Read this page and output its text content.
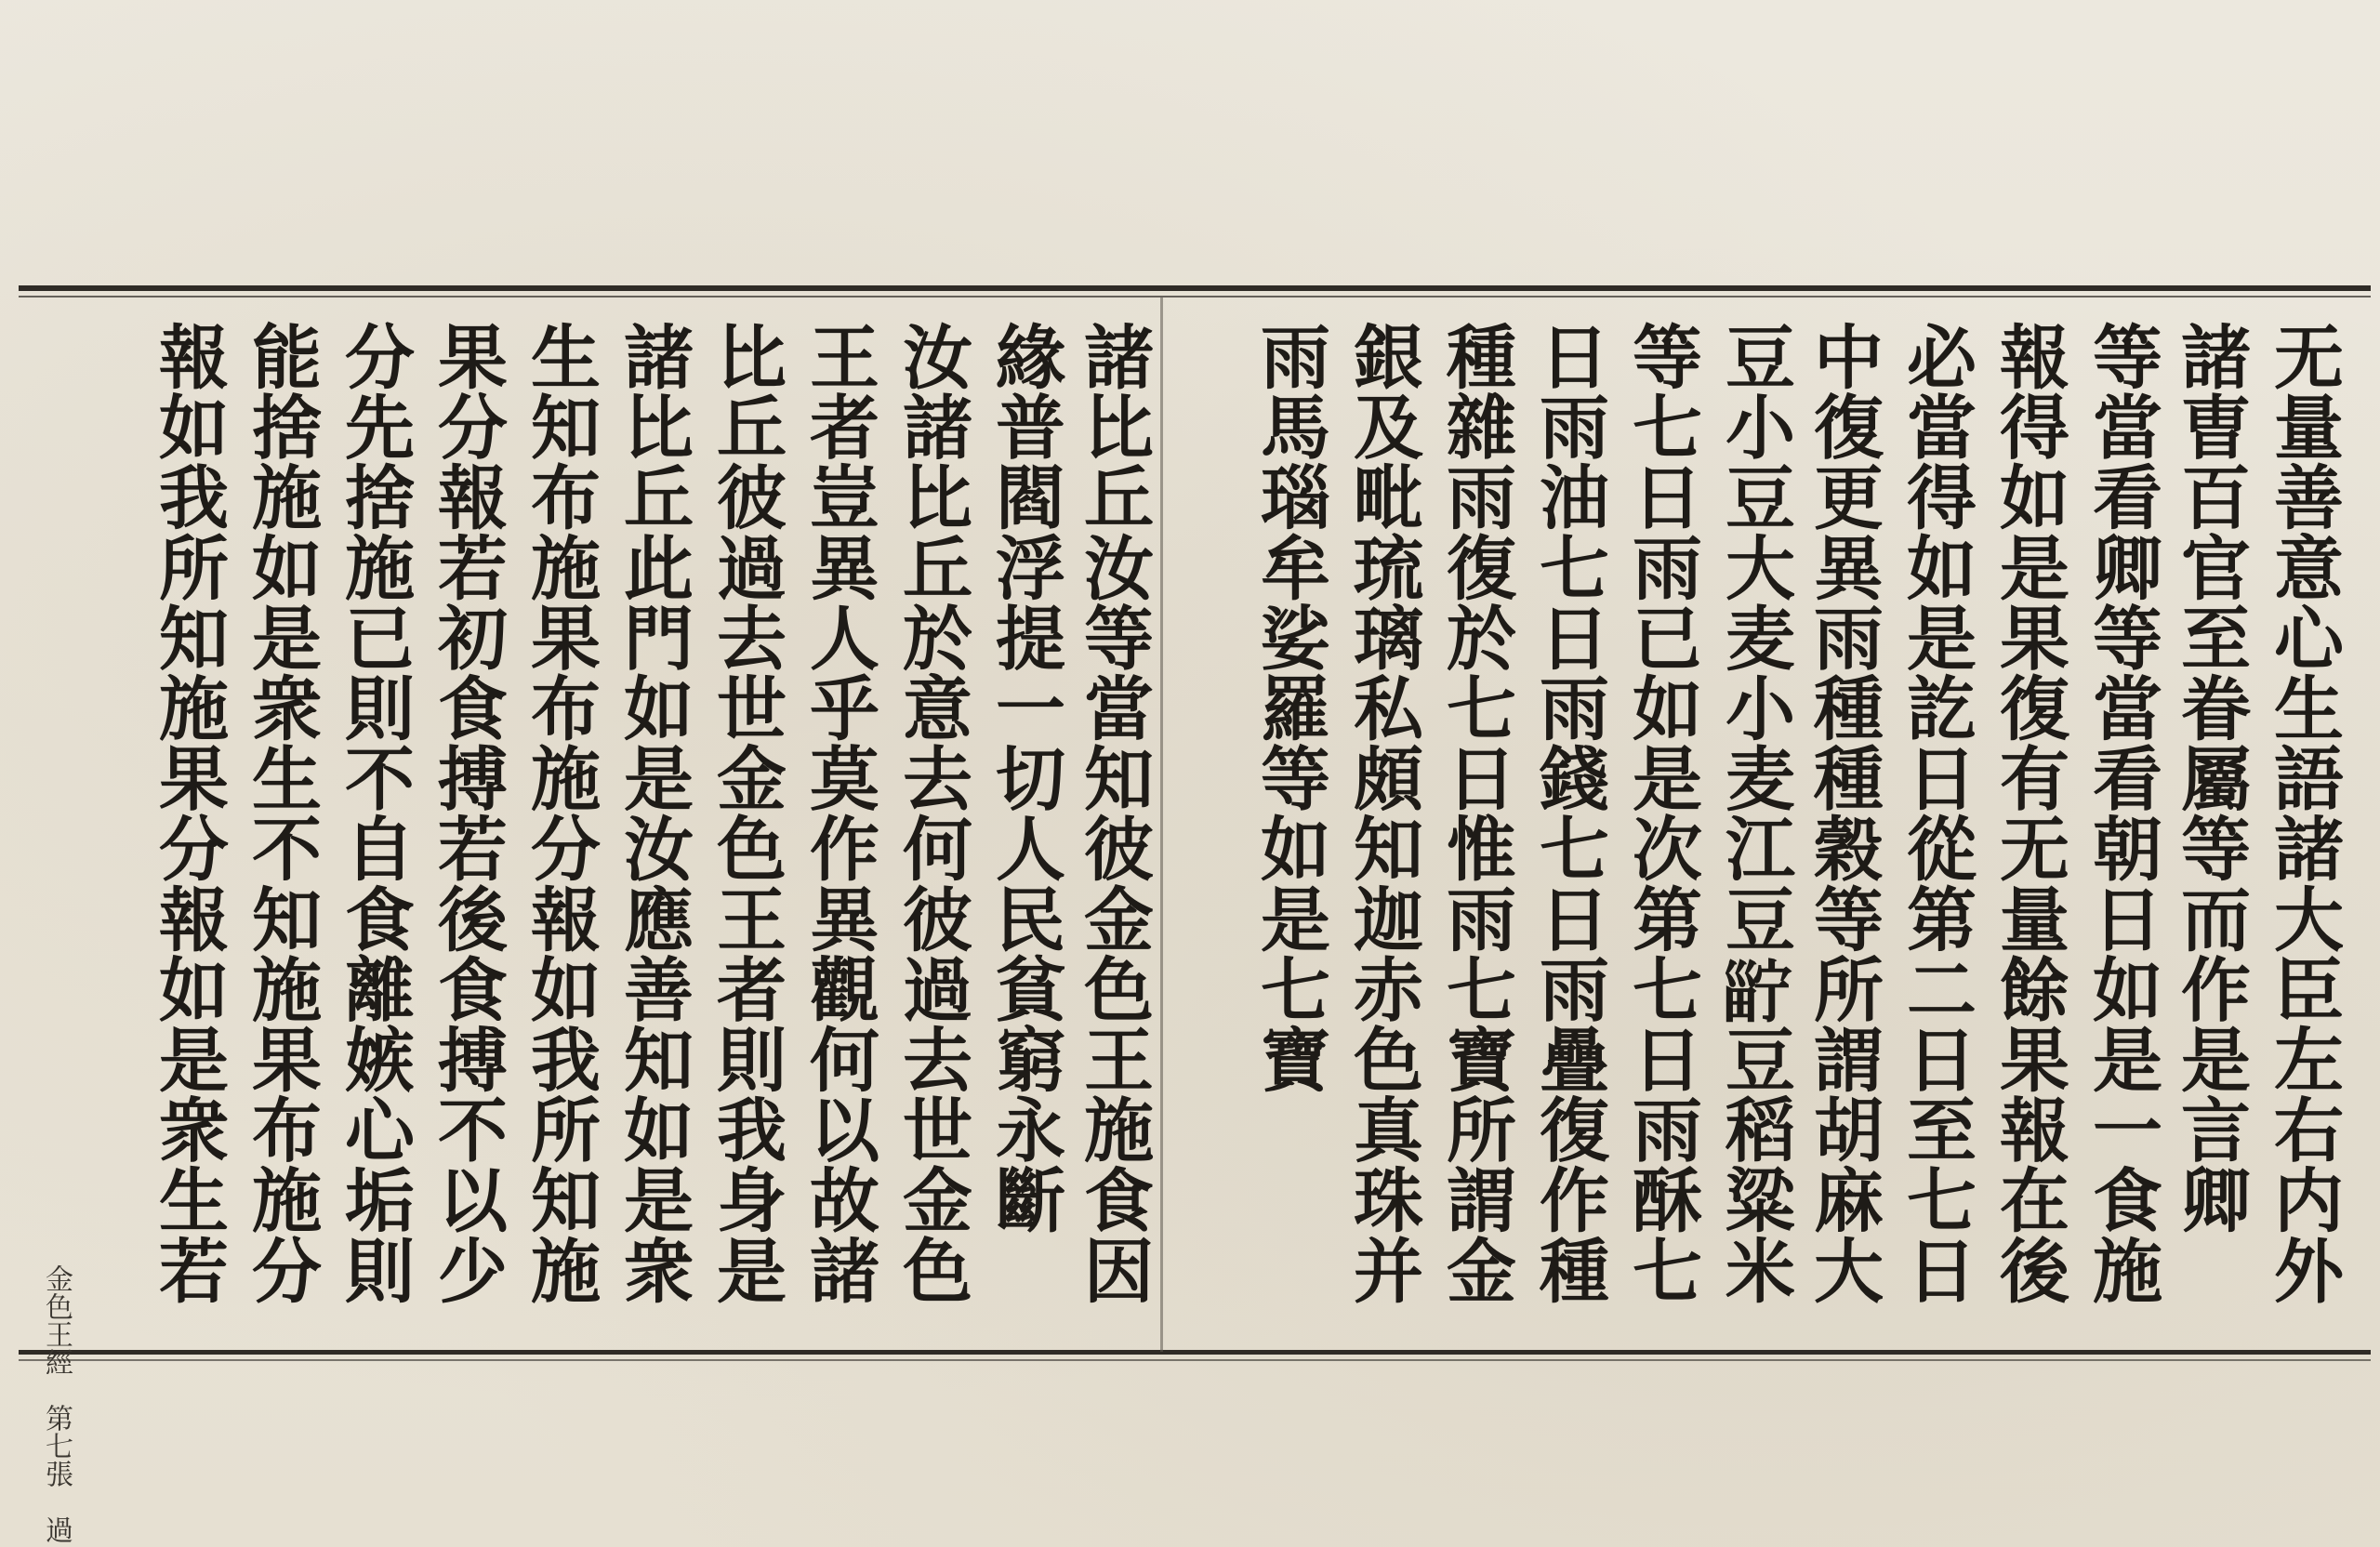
无量善意心生語諸大臣左右内外
諸曺百官至眷屬等而作是言卿
等當看卿等當看朝日如是一食施
報得如是果復有无量餘果報在後
必當得如是訖日從第二日至七日
中復更異雨種種穀等所謂胡麻大
豆小豆大麦小麦江豆𤲑豆稻粱米
等七日雨已如是次第七日雨酥七
日雨油七日雨錢七日雨疊復作種
種雜雨復於七日惟雨七寶所謂金
銀及毗琉璃私頗知迦赤色真珠并
雨馬瑙牟娑羅等如是七寶
諸比丘汝等當知彼金色王施食因
緣普閻浮提一切人民貧窮永斷
汝諸比丘於意去何彼過去世金色
王者豈異人乎莫作異觀何以故諸
比丘彼過去世金色王者則我身是
諸比丘此門如是汝應善知如是衆
生知布施果布施分報如我所知施
果分報若初食搏若後食搏不以少
分先捨施已則不自食離嫉心垢則
能捨施如是衆生不知施果布施分
報如我所知施果分報如是衆生若
金色王經　第七張　過
